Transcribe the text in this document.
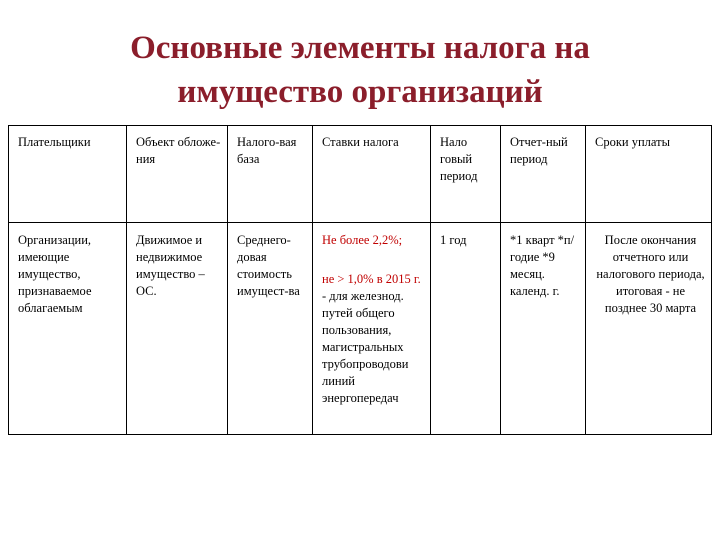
Основные элементы налога на
имущество организаций
Плательщики	Объект обложе-ния	Налого-вая база	Ставки налога	Нало говый период	Отчет-ный период	Сроки уплаты
Организации, имеющие имущество, признаваемое облагаемым	Движимое и недвижимое имущество – ОС.	Среднего-довая стоимость имущест-ва	Не более 2,2%;
не > 1,0% в 2015 г. - для железнод. путей общего пользования, магистральных трубопроводови линий энергопередач	1 год	*1 кварт *п/годие *9 месяц. календ. г.	После окончания отчетного или налогового периода, итоговая - не позднее 30 марта
